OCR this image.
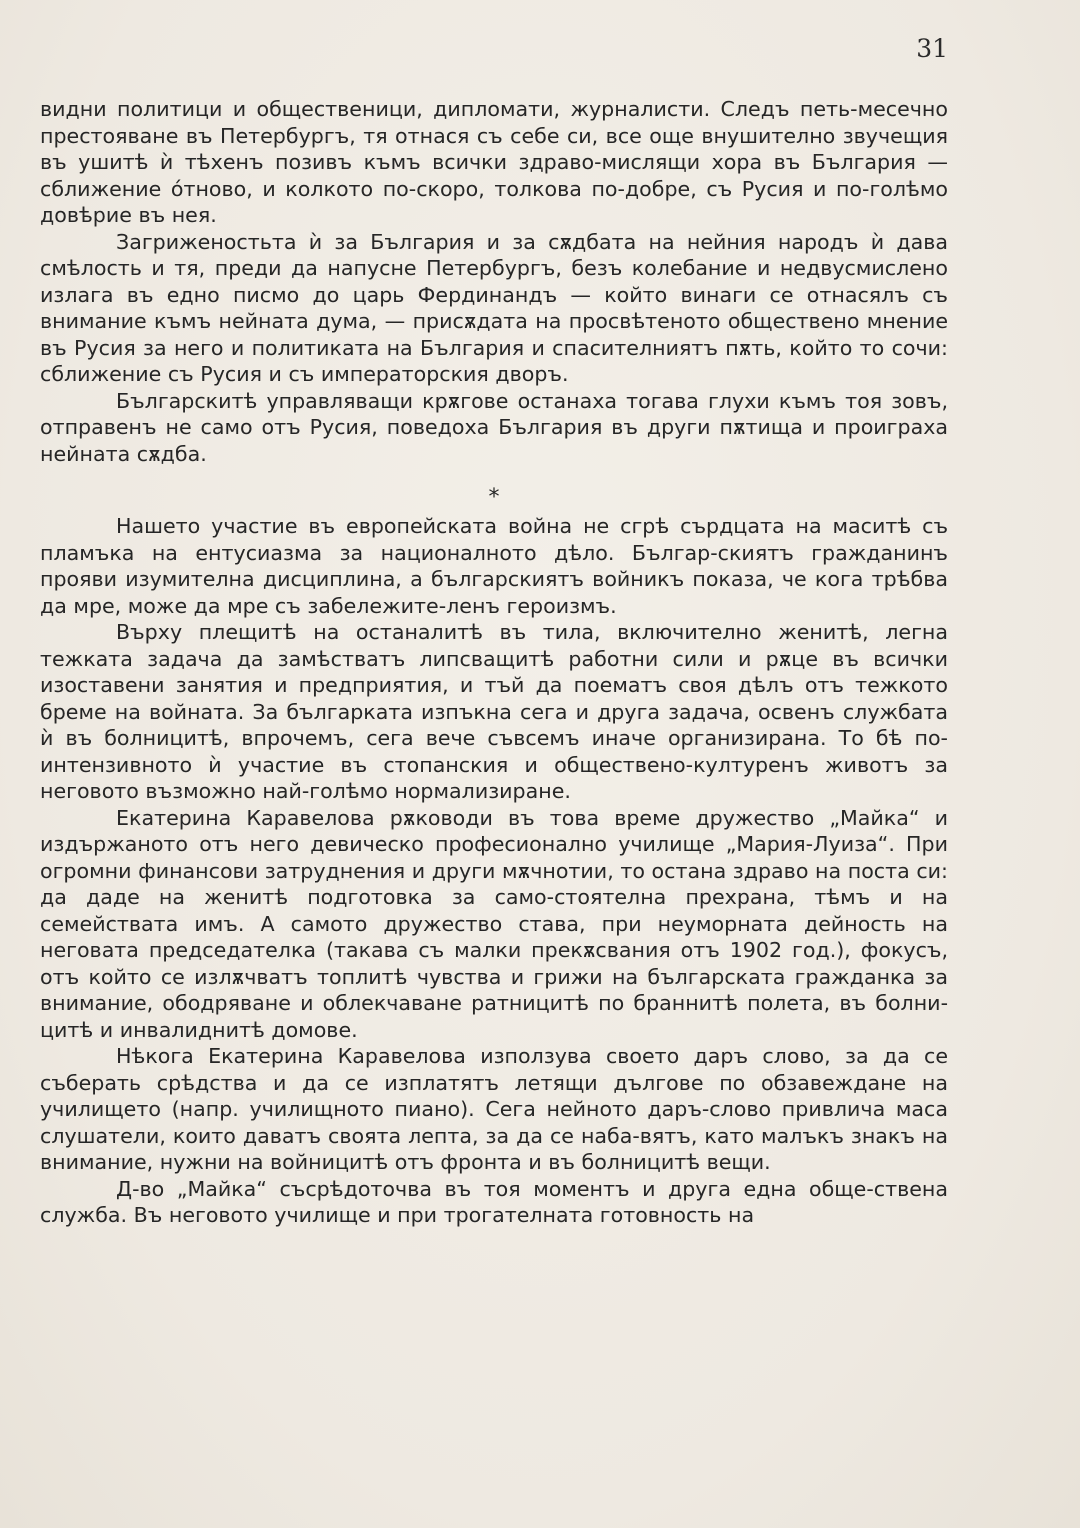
31

видни политици и общественици, дипломати, журналисти. Следъ петь-месечно престояване въ Петербургъ, тя отнася съ себе си, все още внушително звучещия въ ушитѣ ѝ тѣхенъ позивъ къмъ всички здраво-мислящи хора въ България — сближение óтново, и колкото по-скоро, толкова по-добре, съ Русия и по-голѣмо довѣрие въ нея.

Загриженостьта ѝ за България и за сѫдбата на нейния народъ ѝ дава смѣлость и тя, преди да напусне Петербургъ, безъ колебание и недвусмислено излага въ едно писмо до царь Фердинандъ — който винаги се отнасялъ съ внимание къмъ нейната дума, — присѫдата на просвѣтеното обществено мнение въ Русия за него и политиката на България и спасителниятъ пѫть, който то сочи: сближение съ Русия и съ императорския дворъ.

Българскитѣ управляващи крѫгове останаха тогава глухи къмъ тоя зовъ, отправенъ не само отъ Русия, поведоха България въ други пѫтища и проиграха нейната сѫдба.

*

Нашето участие въ европейската война не сгрѣ сърдцата на маситѣ съ пламъка на ентусиазма за националното дѣло. Българ-скиятъ гражданинъ прояви изумителна дисциплина, а българскиятъ войникъ показа, че кога трѣбва да мре, може да мре съ забележите-ленъ героизмъ.

Върху плещитѣ на останалитѣ въ тила, включително женитѣ, легна тежката задача да замѣстватъ липсващитѣ работни сили и рѫце въ всички изоставени занятия и предприятия, и тъй да поематъ своя дѣлъ отъ тежкото бреме на войната. За българката изпъкна сега и друга задача, освенъ службата ѝ въ болницитѣ, впрочемъ, сега вече съвсемъ иначе организирана. То бѣ по-интензивното ѝ участие въ стопанския и обществено-културенъ животъ за неговото възможно най-голѣмо нормализиране.

Екатерина Каравелова рѫководи въ това време дружество „Майка“ и издържаното отъ него девическо професионално училище „Мария-Луиза“. При огромни финансови затруднения и други мѫчнотии, то остана здраво на поста си: да даде на женитѣ подготовка за само-стоятелна прехрана, тѣмъ и на семействата имъ. А самото дружество става, при неуморната дейность на неговата председателка (такава съ малки прекѫсвания отъ 1902 год.), фокусъ, отъ който се излѫчватъ топлитѣ чувства и грижи на българската гражданка за внимание, ободряване и облекчаване ратницитѣ по браннитѣ полета, въ болни-цитѣ и инвалиднитѣ домове.

Нѣкога Екатерина Каравелова използува своето даръ слово, за да се съберать срѣдства и да се изплатятъ летящи дългове по обзавеждане на училището (напр. училищното пиано). Сега нейното даръ-слово привлича маса слушатели, които даватъ своята лепта, за да се наба-вятъ, като малъкъ знакъ на внимание, нужни на войницитѣ отъ фронта и въ болницитѣ вещи.

Д-во „Майка“ съсрѣдоточва въ тоя моментъ и друга една обще-ствена служба. Въ неговото училище и при трогателната готовность на
